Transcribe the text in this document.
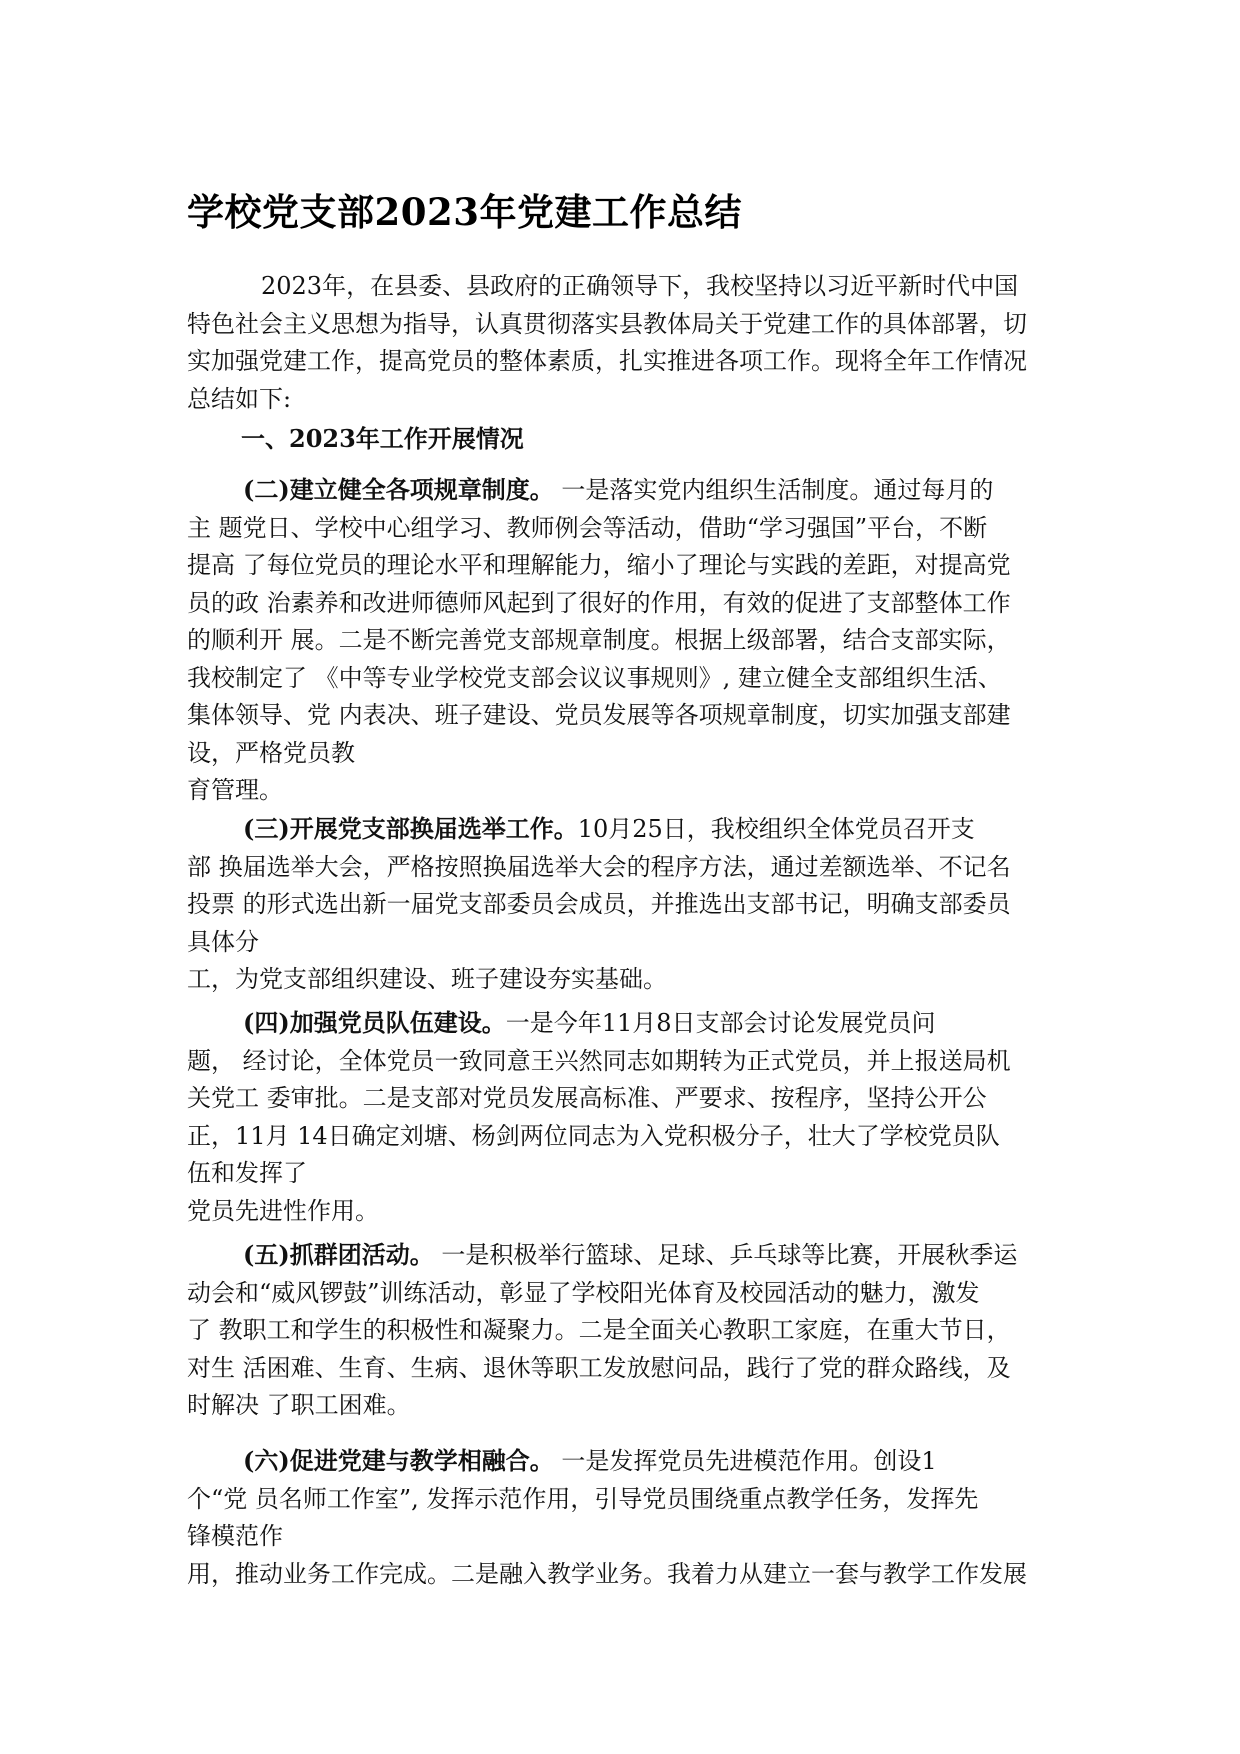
学校党支部2023年党建工作总结
2023年，在县委、县政府的正确领导下，我校坚持以习近平新时代中国
特色社会主义思想为指导，认真贯彻落实县教体局关于党建工作的具体部署，切
实加强党建工作，提高党员的整体素质，扎实推进各项工作。现将全年工作情况
总结如下:
一、2023年工作开展情况
(二)建立健全各项规章制度。 一是落实党内组织生活制度。通过每月的
主 题党日、学校中心组学习、教师例会等活动，借助“学习强国”平台，不断
提高 了每位党员的理论水平和理解能力，缩小了理论与实践的差距，对提高党
员的政 治素养和改进师德师风起到了很好的作用，有效的促进了支部整体工作
的顺利开 展。二是不断完善党支部规章制度。根据上级部署，结合支部实际，
我校制定了 《中等专业学校党支部会议议事规则》, 建立健全支部组织生活、
集体领导、党 内表决、班子建设、党员发展等各项规章制度，切实加强支部建
设，严格党员教
育管理。
(三)开展党支部换届选举工作。10月25日，我校组织全体党员召开支
部 换届选举大会，严格按照换届选举大会的程序方法，通过差额选举、不记名
投票 的形式选出新一届党支部委员会成员，并推选出支部书记，明确支部委员
具体分
工，为党支部组织建设、班子建设夯实基础。
(四)加强党员队伍建设。一是今年11月8日支部会讨论发展党员问
题， 经讨论，全体党员一致同意王兴然同志如期转为正式党员，并上报送局机
关党工 委审批。二是支部对党员发展高标准、严要求、按程序，坚持公开公
正，11月 14日确定刘塘、杨剑两位同志为入党积极分子，壮大了学校党员队
伍和发挥了
党员先进性作用。
(五)抓群团活动。 一是积极举行篮球、足球、乒乓球等比赛，开展秋季运
动会和“威风锣鼓”训练活动，彰显了学校阳光体育及校园活动的魅力，激发
了 教职工和学生的积极性和凝聚力。二是全面关心教职工家庭，在重大节日，
对生 活困难、生育、生病、退休等职工发放慰问品，践行了党的群众路线，及
时解决 了职工困难。
(六)促进党建与教学相融合。 一是发挥党员先进模范作用。创设1
个“党 员名师工作室”, 发挥示范作用，引导党员围绕重点教学任务，发挥先
锋模范作
用，推动业务工作完成。二是融入教学业务。我着力从建立一套与教学工作发展
